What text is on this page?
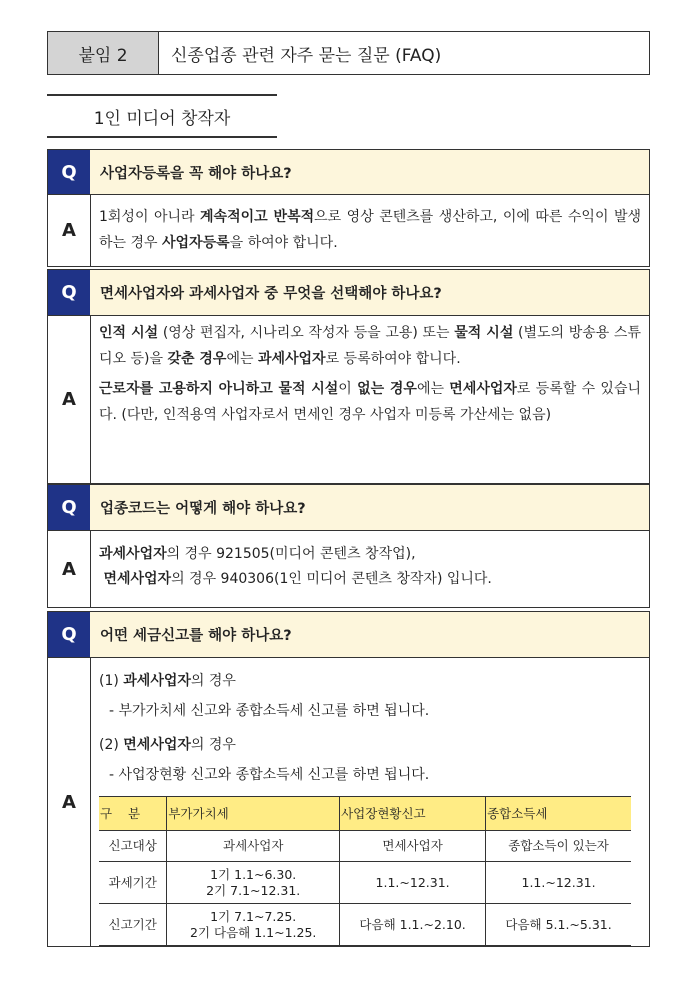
붙임 2	신종업종 관련 자주 묻는 질문 (FAQ)
1인 미디어 창작자
Q	사업자등록을 꼭 해야 하나요?
A
1회성이 아니라 계속적이고 반복적으로 영상 콘텐츠를 생산하고, 이에 따른 수익이 발생하는 경우 사업자등록을 하여야 합니다.
Q	면세사업자와 과세사업자 중 무엇을 선택해야 하나요?
A

인적 시설 (영상 편집자, 시나리오 작성자 등을 고용) 또는 물적 시설 (별도의 방송용 스튜디오 등)을 갖춘 경우에는 과세사업자로 등록하여야 합니다.

근로자를 고용하지 아니하고 물적 시설이 없는 경우에는 면세사업자로 등록할 수 있습니다. (다만, 인적용역 사업자로서 면세인 경우 사업자 미등록 가산세는 없음)

Q	업종코드는 어떻게 해야 하나요?
A

과세사업자의 경우 921505(미디어 콘텐츠 창작업),

면세사업자의 경우 940306(1인 미디어 콘텐츠 창작자) 입니다.

Q	어떤 세금신고를 해야 하나요?
A

(1) 과세사업자의 경우

- 부가가치세 신고와 종합소득세 신고를 하면 됩니다.

(2) 면세사업자의 경우

- 사업장현황 신고와 종합소득세 신고를 하면 됩니다.

구    분	부가가치세	사업장현황신고	종합소득세
신고대상	과세사업자	면세사업자	종합소득이 있는자
과세기간	1기 1.1~6.30.
2기 7.1~12.31.	1.1.~12.31.	1.1.~12.31.
신고기간	1기 7.1~7.25.
2기 다음해 1.1~1.25.	다음해 1.1.~2.10.	다음해 5.1.~5.31.
